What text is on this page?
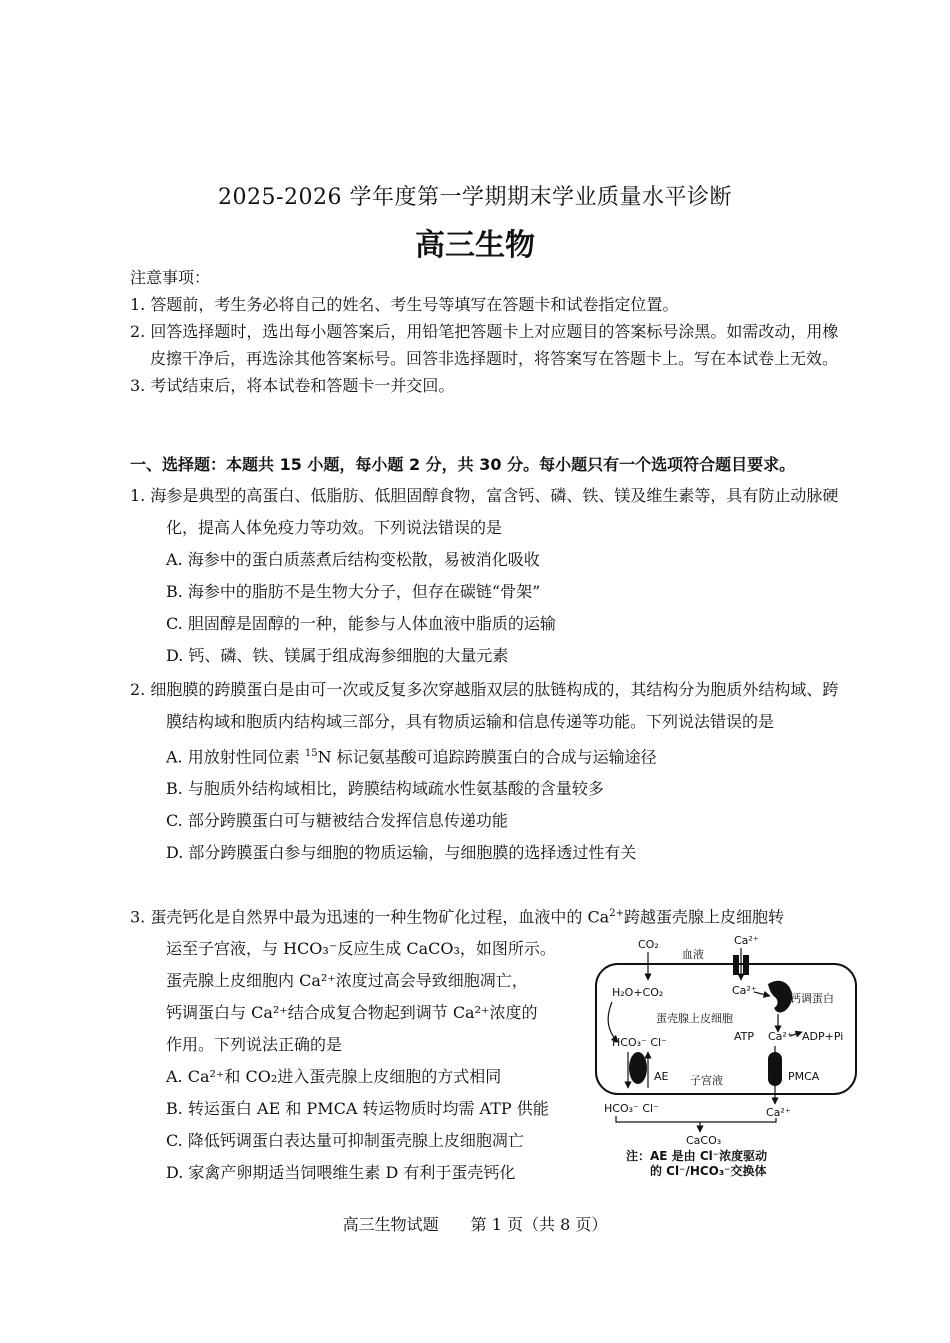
2025-2026 学年度第一学期期末学业质量水平诊断
高三生物
注意事项：
1. 答题前，考生务必将自己的姓名、考生号等填写在答题卡和试卷指定位置。
2. 回答选择题时，选出每小题答案后，用铅笔把答题卡上对应题目的答案标号涂黑。如需改动，用橡皮擦干净后，再选涂其他答案标号。回答非选择题时，将答案写在答题卡上。写在本试卷上无效。
3. 考试结束后，将本试卷和答题卡一并交回。
一、选择题：本题共 15 小题，每小题 2 分，共 30 分。每小题只有一个选项符合题目要求。
1. 海参是典型的高蛋白、低脂肪、低胆固醇食物，富含钙、磷、铁、镁及维生素等，具有防止动脉硬化，提高人体免疫力等功效。下列说法错误的是
A. 海参中的蛋白质蒸煮后结构变松散，易被消化吸收
B. 海参中的脂肪不是生物大分子，但存在碳链“骨架”
C. 胆固醇是固醇的一种，能参与人体血液中脂质的运输
D. 钙、磷、铁、镁属于组成海参细胞的大量元素
2. 细胞膜的跨膜蛋白是由可一次或反复多次穿越脂双层的肽链构成的，其结构分为胞质外结构域、跨膜结构域和胞质内结构域三部分，具有物质运输和信息传递等功能。下列说法错误的是
A. 用放射性同位素 $^{15}$N 标记氨基酸可追踪跨膜蛋白的合成与运输途径
B. 与胞质外结构域相比，跨膜结构域疏水性氨基酸的含量较多
C. 部分跨膜蛋白可与糖被结合发挥信息传递功能
D. 部分跨膜蛋白参与细胞的物质运输，与细胞膜的选择透过性有关
3. 蛋壳钙化是自然界中最为迅速的一种生物矿化过程，血液中的 $Ca^{2+}$跨越蛋壳腺上皮细胞转
运至子宫液，与 HCO₃⁻反应生成 CaCO₃，如图所示。
蛋壳腺上皮细胞内 Ca²⁺浓度过高会导致细胞凋亡，
钙调蛋白与 Ca²⁺结合成复合物起到调节 Ca²⁺浓度的
作用。下列说法正确的是
A. Ca²⁺和 CO₂进入蛋壳腺上皮细胞的方式相同
B. 转运蛋白 AE 和 PMCA 转运物质时均需 ATP 供能
C. 降低钙调蛋白表达量可抑制蛋壳腺上皮细胞凋亡
D. 家禽产卵期适当饲喂维生素 D 有利于蛋壳钙化
CO₂
血液
Ca²⁺
H₂O+CO₂	Ca²⁺
钙调蛋白
蛋壳腺上皮细胞
HCO₃⁻ Cl⁻	ATP Ca²⁺ ADP+Pi
AE 子宫液	PMCA
HCO₃⁻ Cl⁻	Ca²⁺
CaCO₃
注：AE 是由 Cl⁻浓度驱动
的 Cl⁻/HCO₃⁻交换体
高三生物试题　　第 1 页（共 8 页）
